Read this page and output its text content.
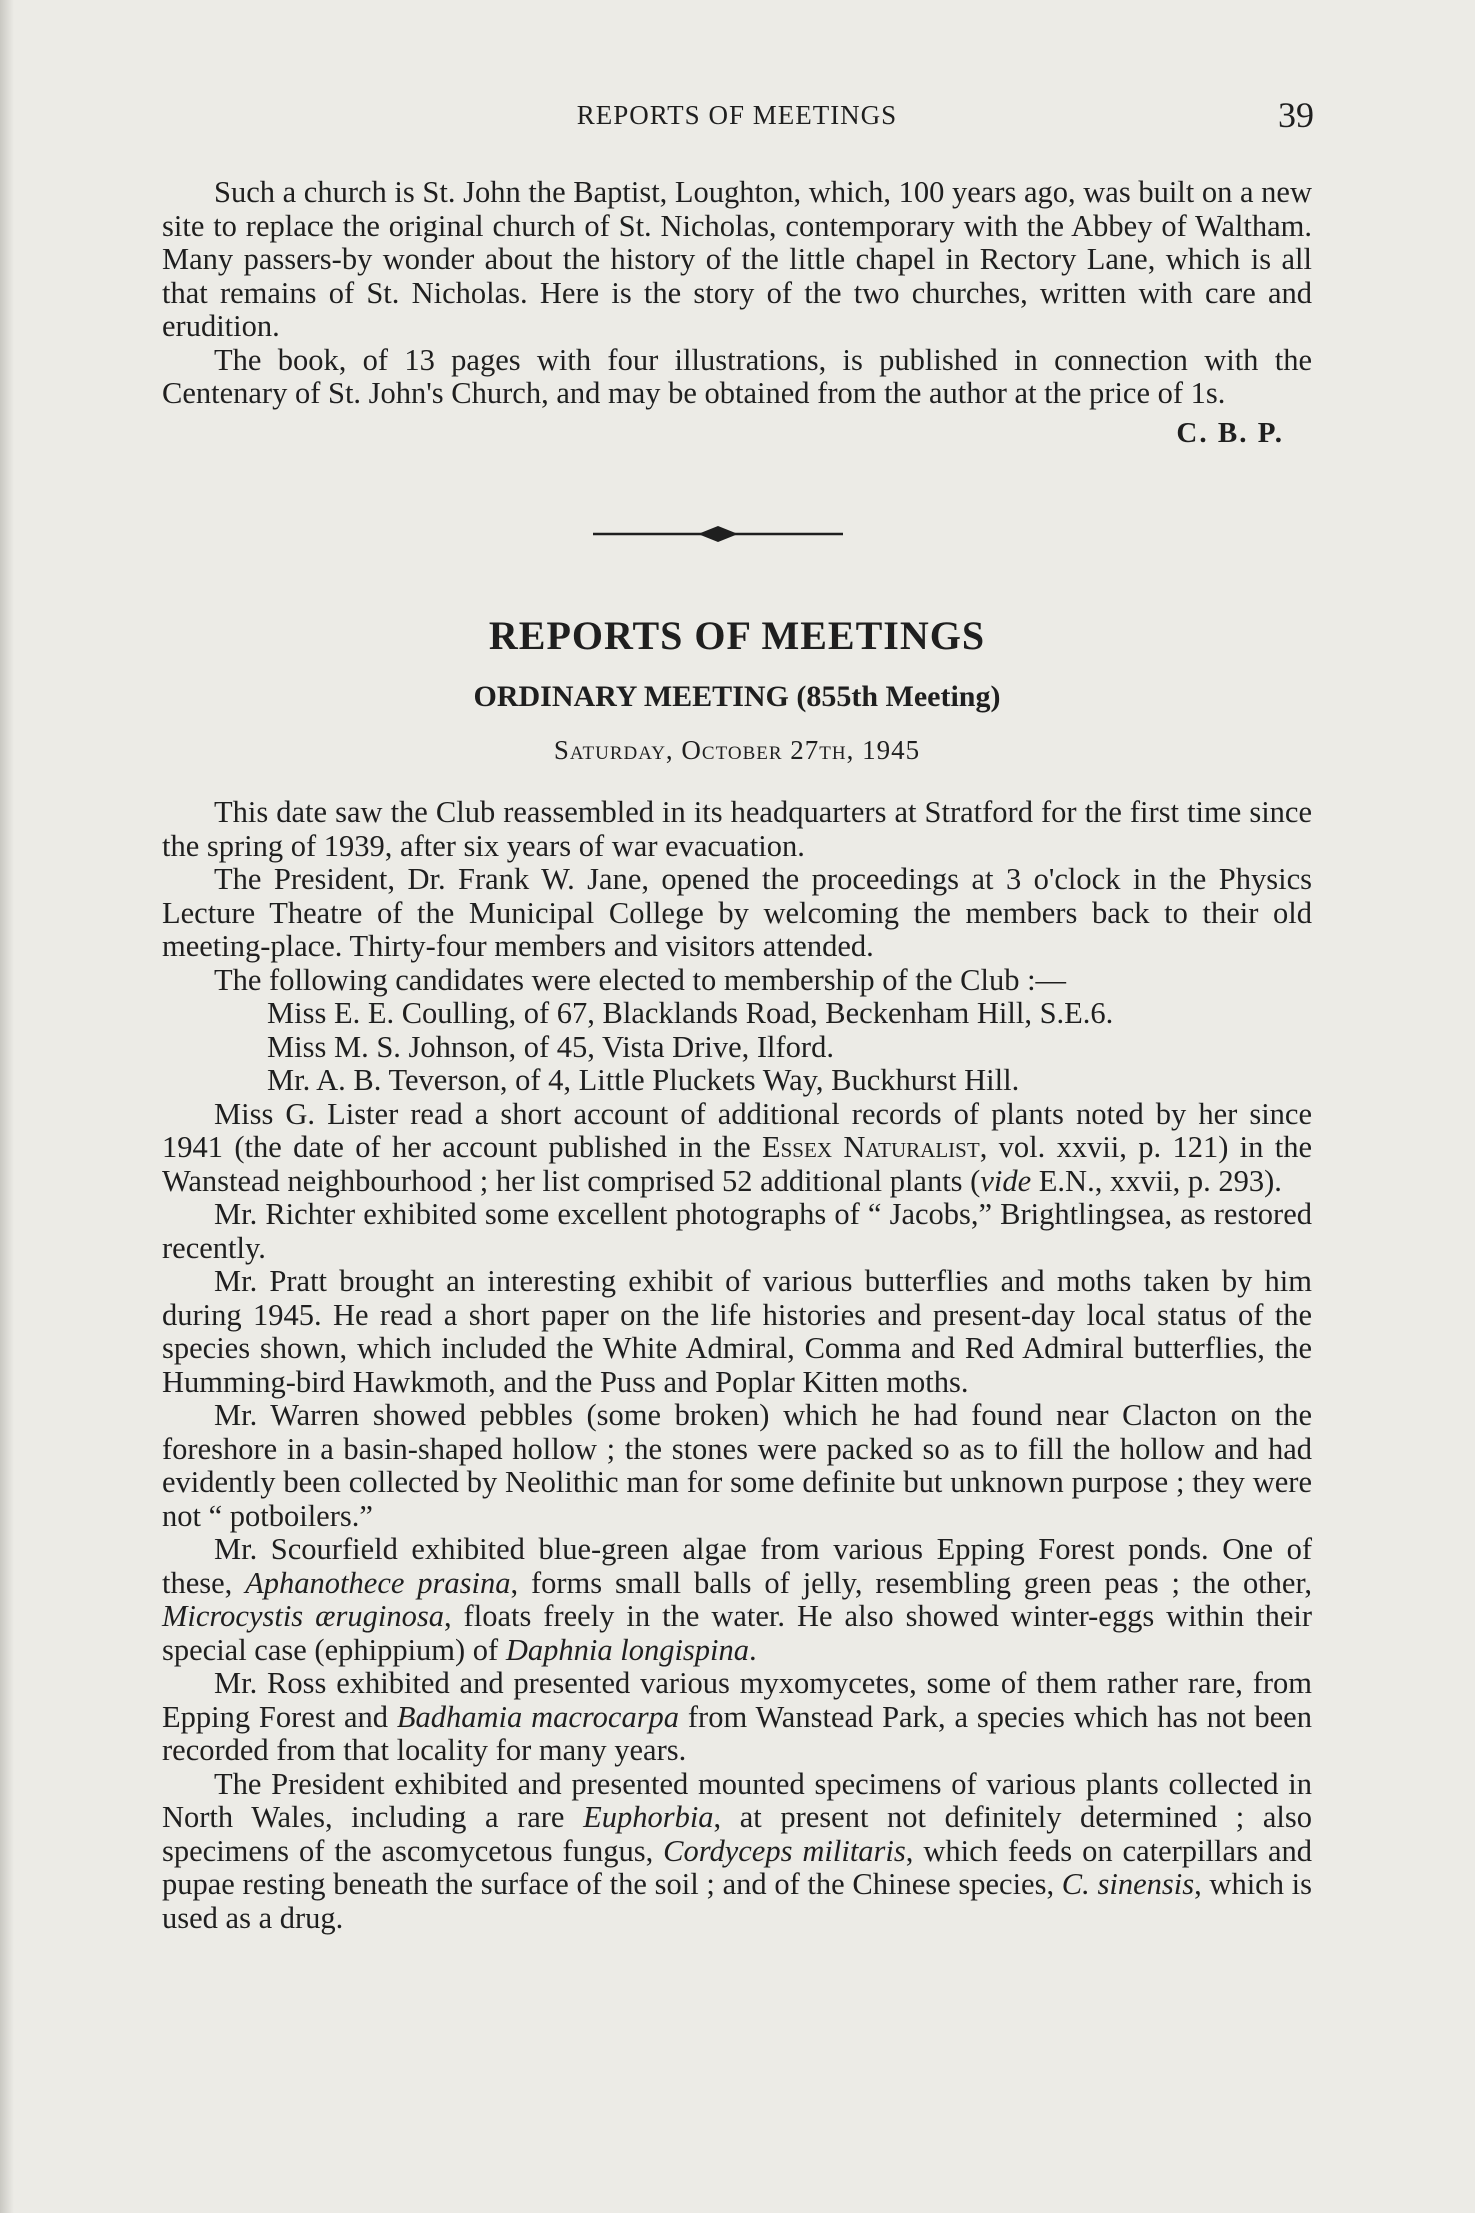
REPORTS OF MEETINGS	39

Such a church is St. John the Baptist, Loughton, which, 100 years ago, was built on a new site to replace the original church of St. Nicholas, contemporary with the Abbey of Waltham. Many passers-by wonder about the history of the little chapel in Rectory Lane, which is all that remains of St. Nicholas. Here is the story of the two churches, written with care and erudition.

The book, of 13 pages with four illustrations, is published in connection with the Centenary of St. John's Church, and may be obtained from the author at the price of 1s.

C. B. P.
REPORTS OF MEETINGS
ORDINARY MEETING (855th Meeting)
Saturday, October 27th, 1945

This date saw the Club reassembled in its headquarters at Stratford for the first time since the spring of 1939, after six years of war evacuation.

The President, Dr. Frank W. Jane, opened the proceedings at 3 o'clock in the Physics Lecture Theatre of the Municipal College by welcoming the members back to their old meeting-place. Thirty-four members and visitors attended.

The following candidates were elected to membership of the Club :—

Miss E. E. Coulling, of 67, Blacklands Road, Beckenham Hill, S.E.6.
Miss M. S. Johnson, of 45, Vista Drive, Ilford.
Mr. A. B. Teverson, of 4, Little Pluckets Way, Buckhurst Hill.

Miss G. Lister read a short account of additional records of plants noted by her since 1941 (the date of her account published in the Essex Naturalist, vol. xxvii, p. 121) in the Wanstead neighbourhood ; her list comprised 52 additional plants (vide E.N., xxvii, p. 293).

Mr. Richter exhibited some excellent photographs of “ Jacobs,” Brightlingsea, as restored recently.

Mr. Pratt brought an interesting exhibit of various butterflies and moths taken by him during 1945. He read a short paper on the life histories and present-day local status of the species shown, which included the White Admiral, Comma and Red Admiral butterflies, the Humming-bird Hawkmoth, and the Puss and Poplar Kitten moths.

Mr. Warren showed pebbles (some broken) which he had found near Clacton on the foreshore in a basin-shaped hollow ; the stones were packed so as to fill the hollow and had evidently been collected by Neolithic man for some definite but unknown purpose ; they were not “ potboilers.”

Mr. Scourfield exhibited blue-green algae from various Epping Forest ponds. One of these, Aphanothece prasina, forms small balls of jelly, resembling green peas ; the other, Microcystis æruginosa, floats freely in the water. He also showed winter-eggs within their special case (ephippium) of Daphnia longispina.

Mr. Ross exhibited and presented various myxomycetes, some of them rather rare, from Epping Forest and Badhamia macrocarpa from Wanstead Park, a species which has not been recorded from that locality for many years.

The President exhibited and presented mounted specimens of various plants collected in North Wales, including a rare Euphorbia, at present not definitely determined ; also specimens of the ascomycetous fungus, Cordyceps militaris, which feeds on caterpillars and pupae resting beneath the surface of the soil ; and of the Chinese species, C. sinensis, which is used as a drug.
